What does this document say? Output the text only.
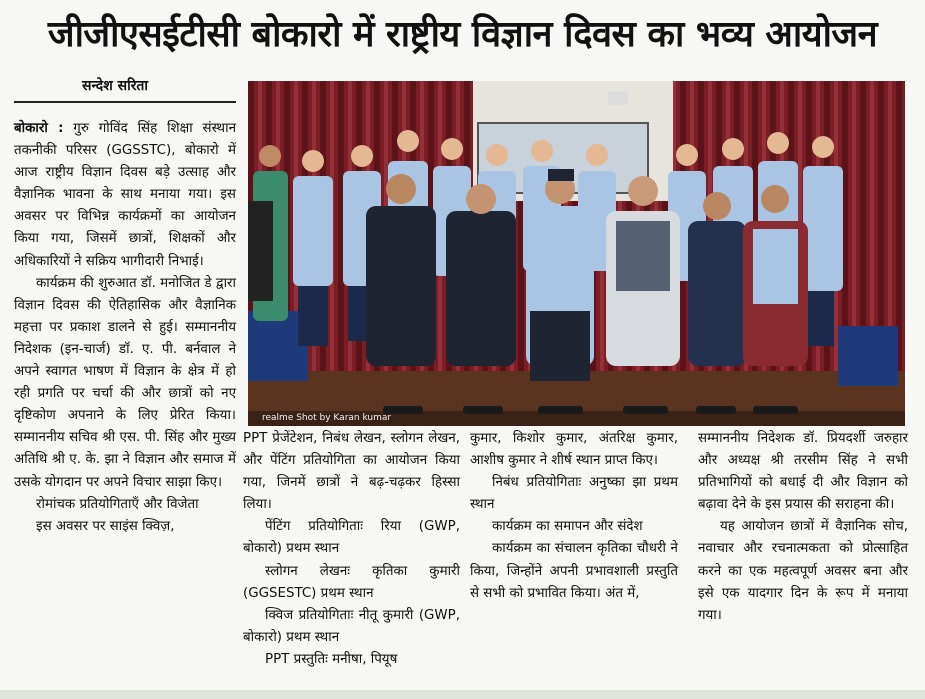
जीजीएसईटीसी बोकारो में राष्ट्रीय विज्ञान दिवस का भव्य आयोजन
सन्देश सरिता

बोकारो : गुरु गोविंद सिंह शिक्षा संस्थान तकनीकी परिसर (GGSSTC), बोकारो में आज राष्ट्रीय विज्ञान दिवस बड़े उत्साह और वैज्ञानिक भावना के साथ मनाया गया। इस अवसर पर विभिन्न कार्यक्रमों का आयोजन किया गया, जिसमें छात्रों, शिक्षकों और अधिकारियों ने सक्रिय भागीदारी निभाई।

कार्यक्रम की शुरुआत डॉ. मनोजित डे द्वारा विज्ञान दिवस की ऐतिहासिक और वैज्ञानिक महत्ता पर प्रकाश डालने से हुई। सम्माननीय निदेशक (इन-चार्ज) डॉ. ए. पी. बर्नवाल ने अपने स्वागत भाषण में विज्ञान के क्षेत्र में हो रही प्रगति पर चर्चा की और छात्रों को नए दृष्टिकोण अपनाने के लिए प्रेरित किया। सम्माननीय सचिव श्री एस. पी. सिंह और मुख्य अतिथि श्री ए. के. झा ने विज्ञान और समाज में उसके योगदान पर अपने विचार साझा किए।

रोमांचक प्रतियोगिताएँ और विजेता

इस अवसर पर साइंस क्विज़,

realme Shot by Karan kumar

PPT प्रेजेंटेशन, निबंध लेखन, स्लोगन लेखन, और पेंटिंग प्रतियोगिता का आयोजन किया गया, जिनमें छात्रों ने बढ़-चढ़कर हिस्सा लिया।

पेंटिंग प्रतियोगिताः रिया (GWP, बोकारो) प्रथम स्थान

स्लोगन लेखनः कृतिका कुमारी (GGSESTC) प्रथम स्थान

क्विज प्रतियोगिताः नीतू कुमारी (GWP, बोकारो) प्रथम स्थान

PPT प्रस्तुतिः मनीषा, पियूष

कुमार, किशोर कुमार, अंतरिक्ष कुमार, आशीष कुमार ने शीर्ष स्थान प्राप्त किए।

निबंध प्रतियोगिताः अनुष्का झा प्रथम स्थान

कार्यक्रम का समापन और संदेश

कार्यक्रम का संचालन कृतिका चौधरी ने किया, जिन्होंने अपनी प्रभावशाली प्रस्तुति से सभी को प्रभावित किया। अंत में,

सम्माननीय निदेशक डॉ. प्रियदर्शी जरुहार और अध्यक्ष श्री तरसीम सिंह ने सभी प्रतिभागियों को बधाई दी और विज्ञान को बढ़ावा देने के इस प्रयास की सराहना की।

यह आयोजन छात्रों में वैज्ञानिक सोच, नवाचार और रचनात्मकता को प्रोत्साहित करने का एक महत्वपूर्ण अवसर बना और इसे एक यादगार दिन के रूप में मनाया गया।
